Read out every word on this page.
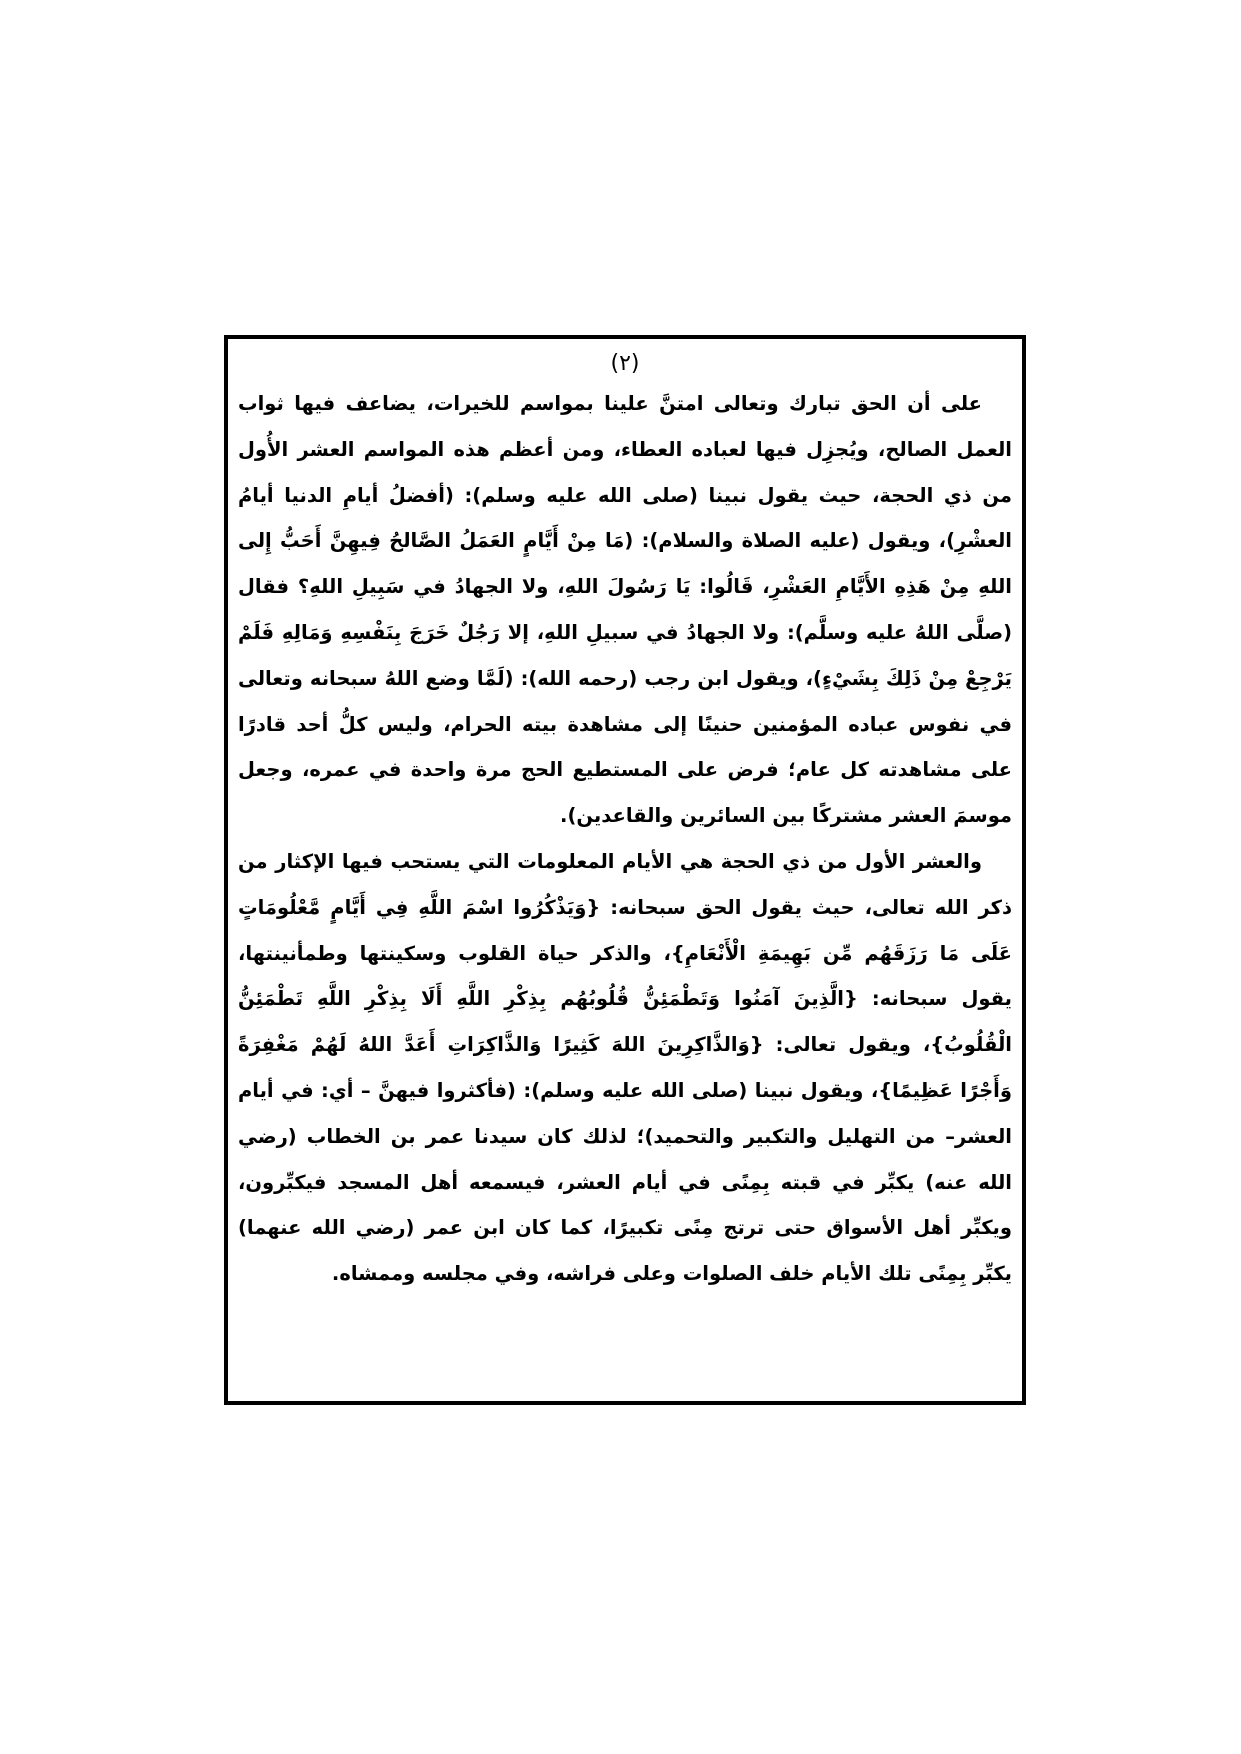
(٢)

على أن الحق تبارك وتعالى امتنَّ علينا بمواسم للخيرات، يضاعف فيها ثواب العمل الصالح، ويُجزِل فيها لعباده العطاء، ومن أعظم هذه المواسم العشر الأُول من ذي الحجة، حيث يقول نبينا (صلى الله عليه وسلم): (أفضلُ أيامِ الدنيا أيامُ العشْرِ)، ويقول (عليه الصلاة والسلام): (مَا مِنْ أَيَّامٍ العَمَلُ الصَّالحُ فِيهِنَّ أَحَبُّ إِلى اللهِ مِنْ هَذِهِ الأَيَّامِ العَشْرِ، قَالُوا: يَا رَسُولَ اللهِ، ولا الجهادُ في سَبِيلِ اللهِ؟ فقال (صلَّى اللهُ عليه وسلَّم): ولا الجهادُ في سبيلِ اللهِ، إلا رَجُلٌ خَرَجَ بِنَفْسِهِ وَمَالِهِ فَلَمْ يَرْجِعْ مِنْ ذَلِكَ بِشَيْءٍ)، ويقول ابن رجب (رحمه الله): (لَمَّا وضع اللهُ سبحانه وتعالى في نفوس عباده المؤمنين حنينًا إلى مشاهدة بيته الحرام، وليس كلُّ أحد قادرًا على مشاهدته كل عام؛ فرض على المستطيع الحج مرة واحدة في عمره، وجعل موسمَ العشر مشتركًا بين السائرين والقاعدين).

والعشر الأول من ذي الحجة هي الأيام المعلومات التي يستحب فيها الإكثار من ذكر الله تعالى، حيث يقول الحق سبحانه: {وَيَذْكُرُوا اسْمَ اللَّهِ فِي أَيَّامٍ مَّعْلُومَاتٍ عَلَى مَا رَزَقَهُم مِّن بَهِيمَةِ الْأَنْعَامِ}، والذكر حياة القلوب وسكينتها وطمأنينتها، يقول سبحانه: {الَّذِينَ آمَنُوا وَتَطْمَئِنُّ قُلُوبُهُم بِذِكْرِ اللَّهِ أَلَا بِذِكْرِ اللَّهِ تَطْمَئِنُّ الْقُلُوبُ}، ويقول تعالى: {وَالذَّاكِرِينَ اللهَ كَثِيرًا وَالذَّاكِرَاتِ أَعَدَّ اللهُ لَهُمْ مَغْفِرَةً وَأَجْرًا عَظِيمًا}، ويقول نبينا (صلى الله عليه وسلم): (فأكثروا فيهنَّ – أي: في أيام العشر– من التهليل والتكبير والتحميد)؛ لذلك كان سيدنا عمر بن الخطاب (رضي الله عنه) يكبِّر في قبته بِمِنًى في أيام العشر، فيسمعه أهل المسجد فيكبِّرون، ويكبِّر أهل الأسواق حتى ترتج مِنًى تكبيرًا، كما كان ابن عمر (رضي الله عنهما) يكبِّر بِمِنًى تلك الأيام خلف الصلوات وعلى فراشه، وفي مجلسه وممشاه.
